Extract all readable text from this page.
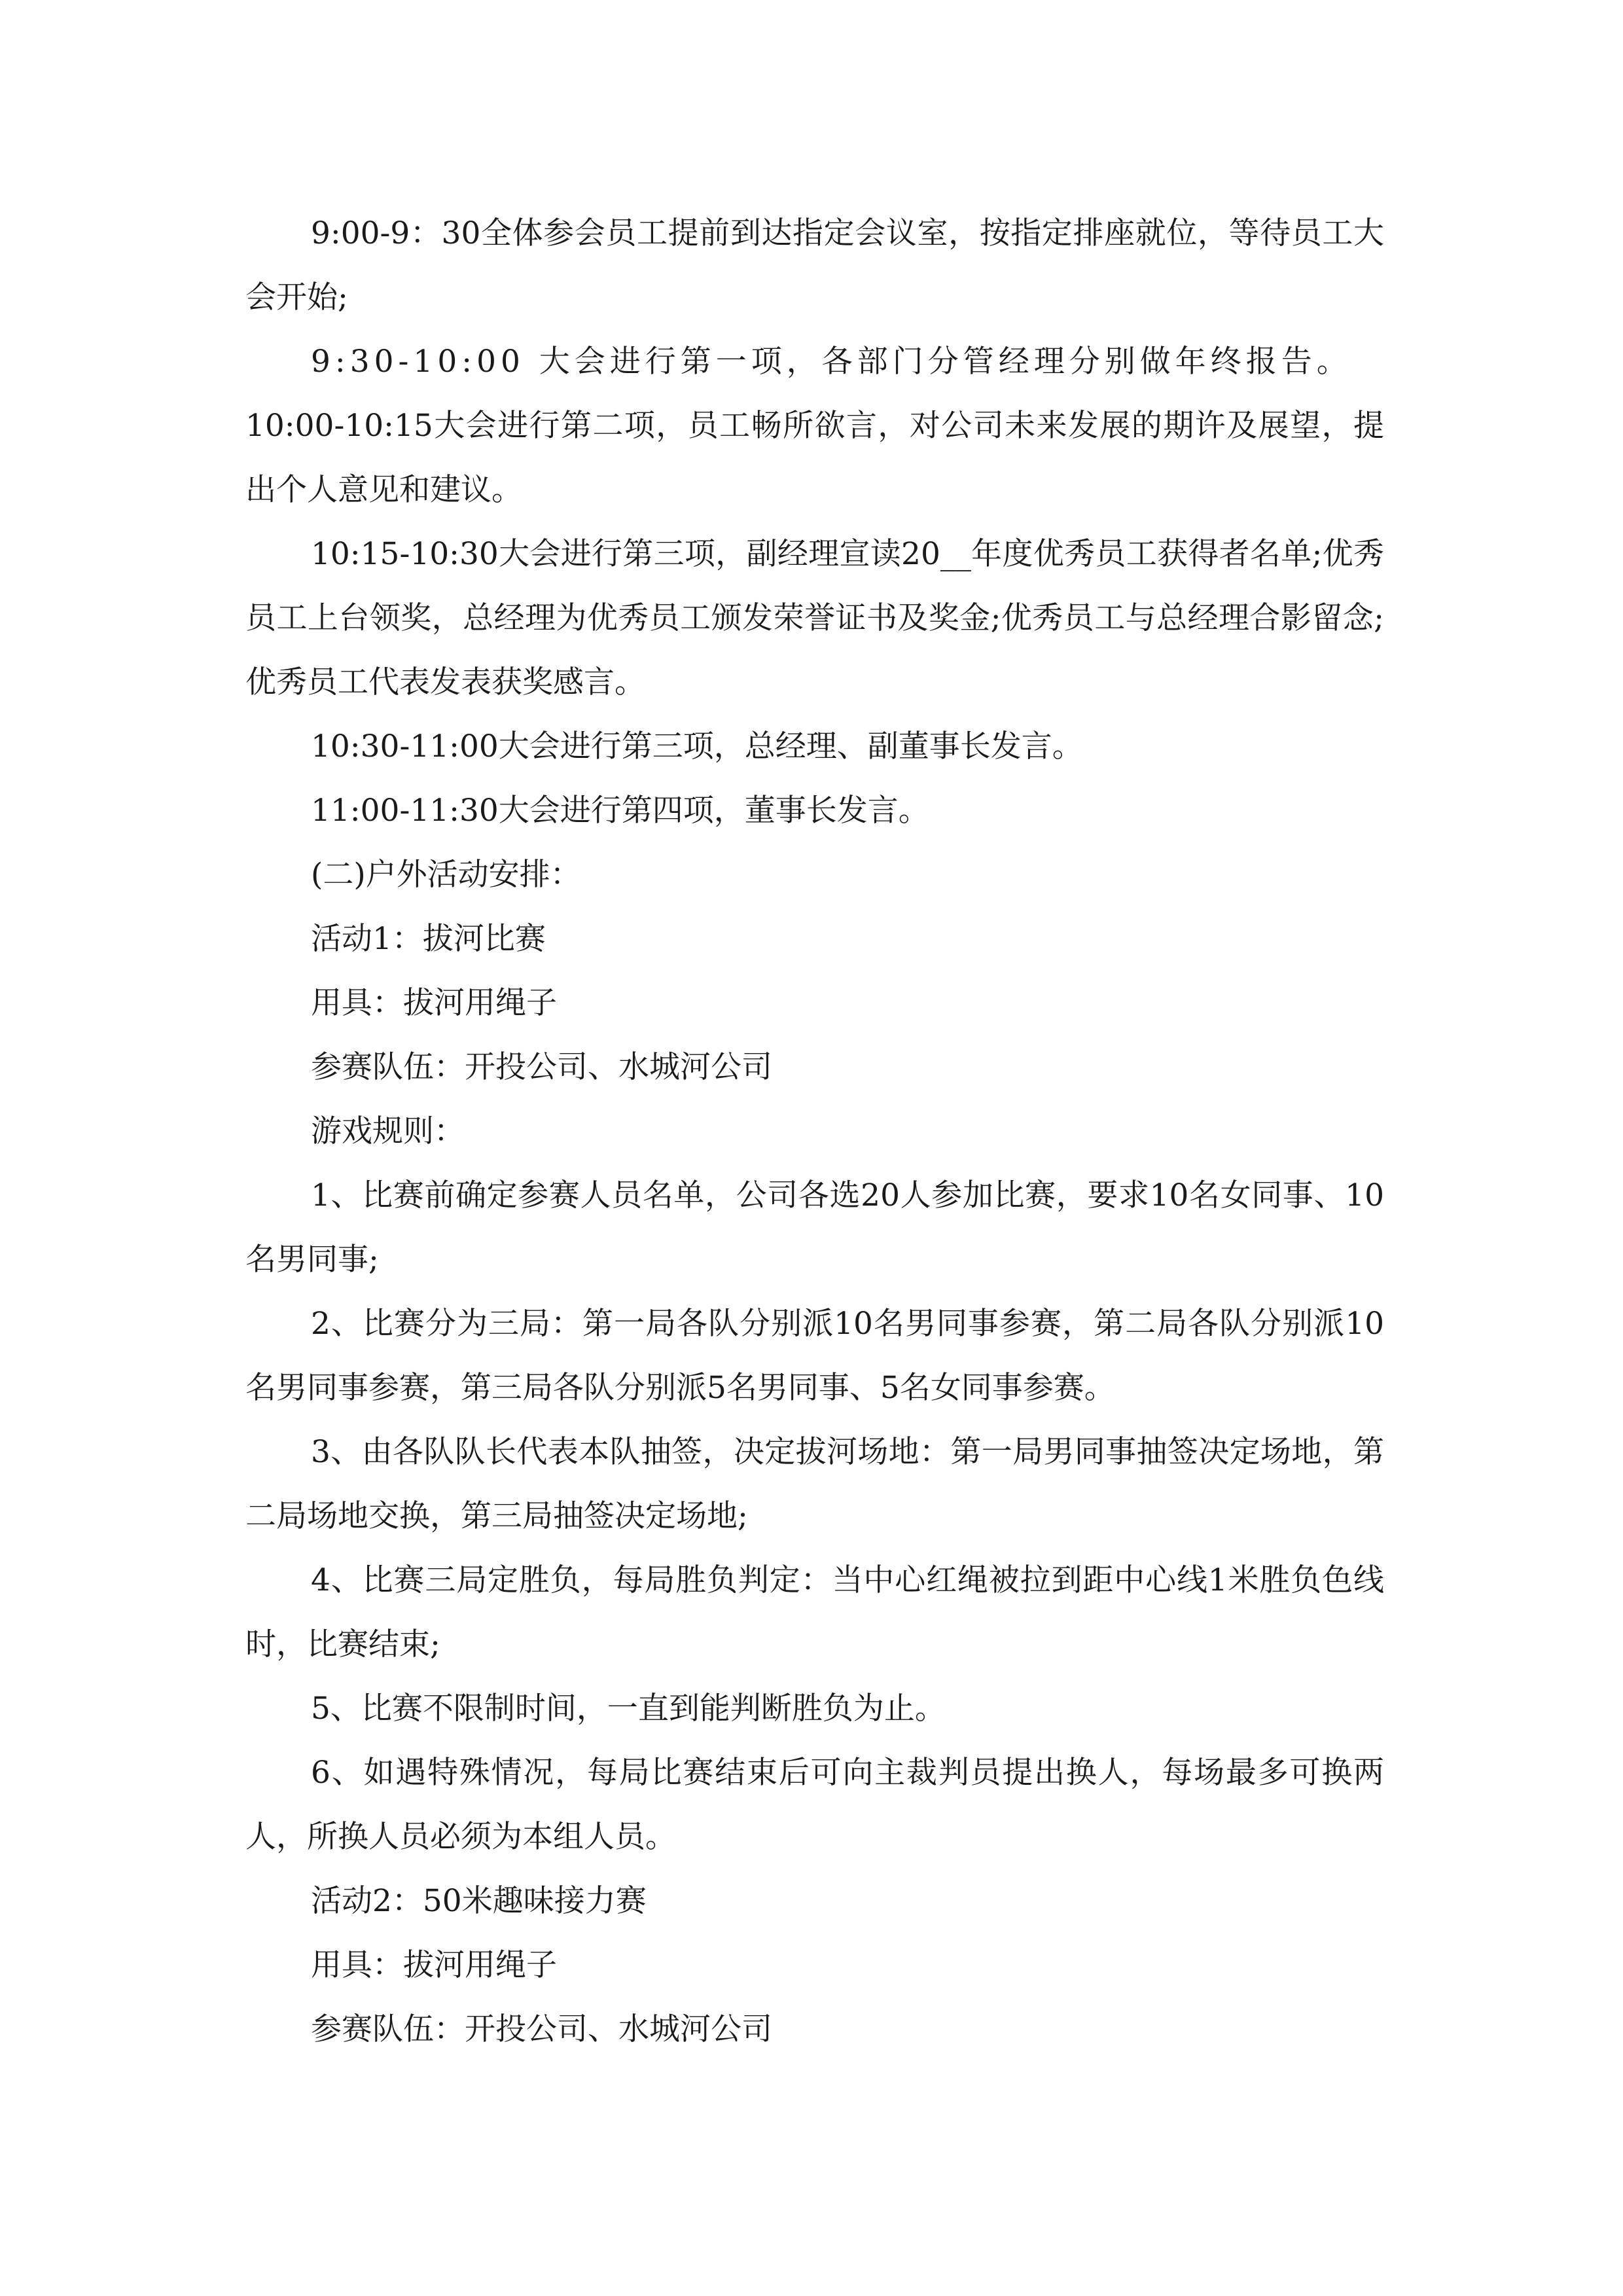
9:00-9：30全体参会员工提前到达指定会议室，按指定排座就位，等待员工大会开始;

9:30-10:00 大会进行第一项，各部门分管经理分别做年终报告。

10:00-10:15大会进行第二项，员工畅所欲言，对公司未来发展的期许及展望，提出个人意见和建议。

10:15-10:30大会进行第三项，副经理宣读20__年度优秀员工获得者名单;优秀员工上台领奖，总经理为优秀员工颁发荣誉证书及奖金;优秀员工与总经理合影留念;优秀员工代表发表获奖感言。

10:30-11:00大会进行第三项，总经理、副董事长发言。

11:00-11:30大会进行第四项，董事长发言。

(二)户外活动安排：

活动1：拔河比赛

用具：拔河用绳子

参赛队伍：开投公司、水城河公司

游戏规则：

1、比赛前确定参赛人员名单，公司各选20人参加比赛，要求10名女同事、10名男同事;

2、比赛分为三局：第一局各队分别派10名男同事参赛，第二局各队分别派10名男同事参赛，第三局各队分别派5名男同事、5名女同事参赛。

3、由各队队长代表本队抽签，决定拔河场地：第一局男同事抽签决定场地，第二局场地交换，第三局抽签决定场地;

4、比赛三局定胜负，每局胜负判定：当中心红绳被拉到距中心线1米胜负色线时，比赛结束;

5、比赛不限制时间，一直到能判断胜负为止。

6、如遇特殊情况，每局比赛结束后可向主裁判员提出换人，每场最多可换两人，所换人员必须为本组人员。

活动2：50米趣味接力赛

用具：拔河用绳子

参赛队伍：开投公司、水城河公司
